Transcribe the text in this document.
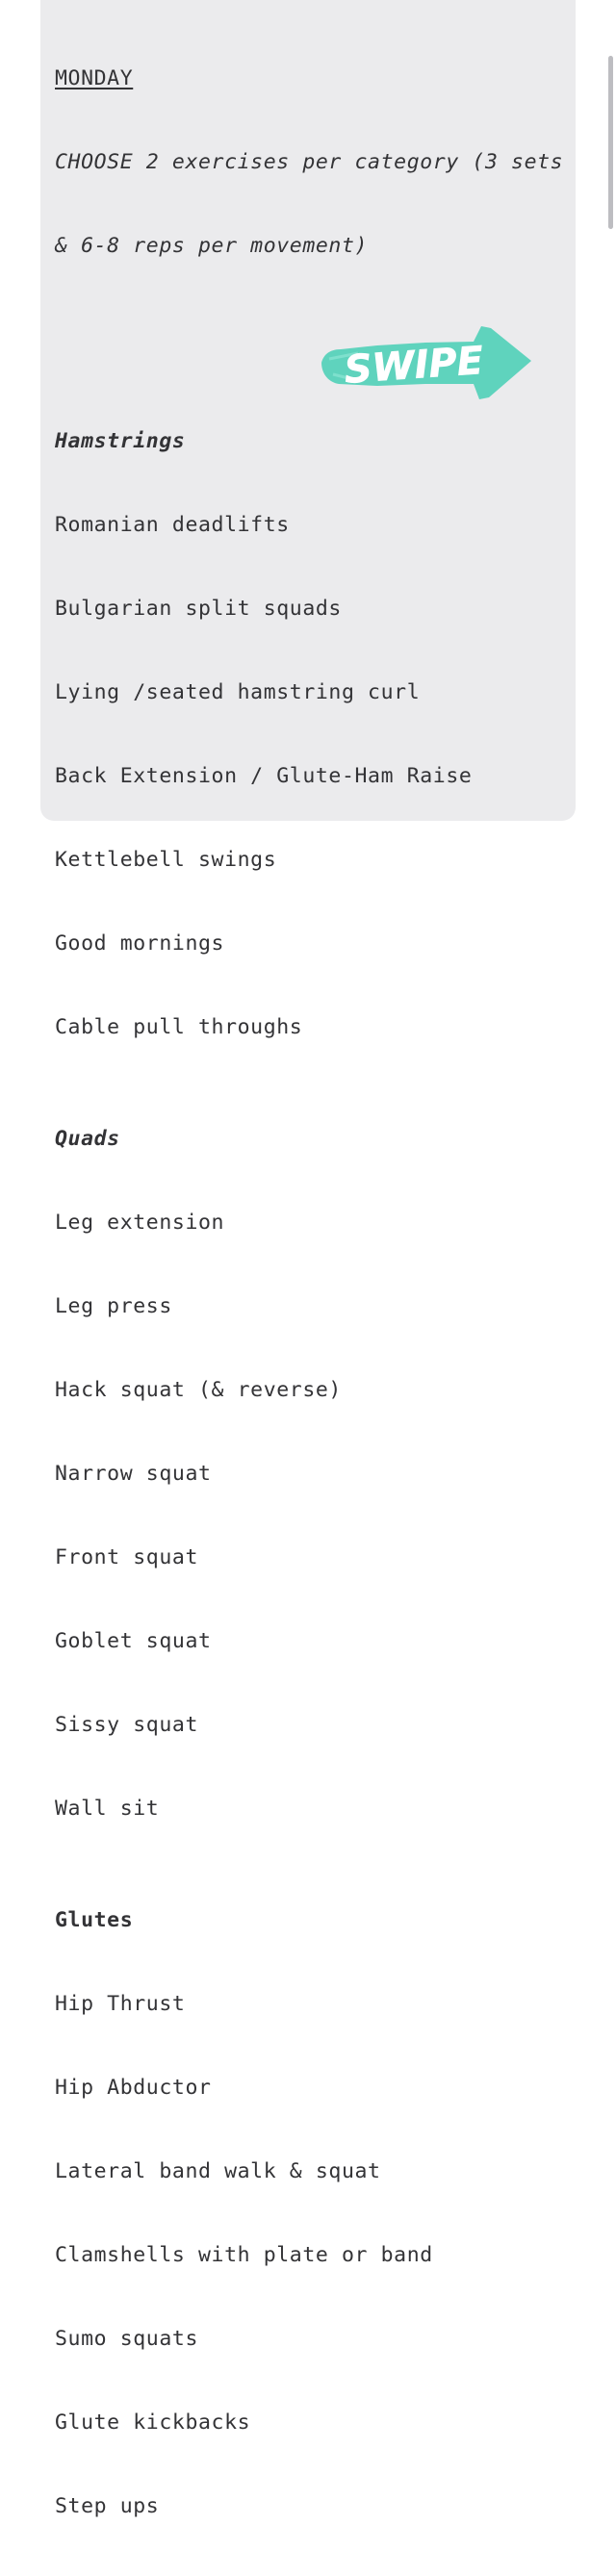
MONDAY

CHOOSE 2 exercises per category (3 sets

& 6-8 reps per movement)

Hamstrings

Romanian deadlifts

Bulgarian split squads

Lying /seated hamstring curl

Back Extension / Glute-Ham Raise

Kettlebell swings

Good mornings

Cable pull throughs

Quads

Leg extension

Leg press

Hack squat (& reverse)

Narrow squat

Front squat

Goblet squat

Sissy squat

Wall sit

Glutes

Hip Thrust

Hip Abductor

Lateral band walk & squat

Clamshells with plate or band

Sumo squats

Glute kickbacks

Step ups

SWIPE
